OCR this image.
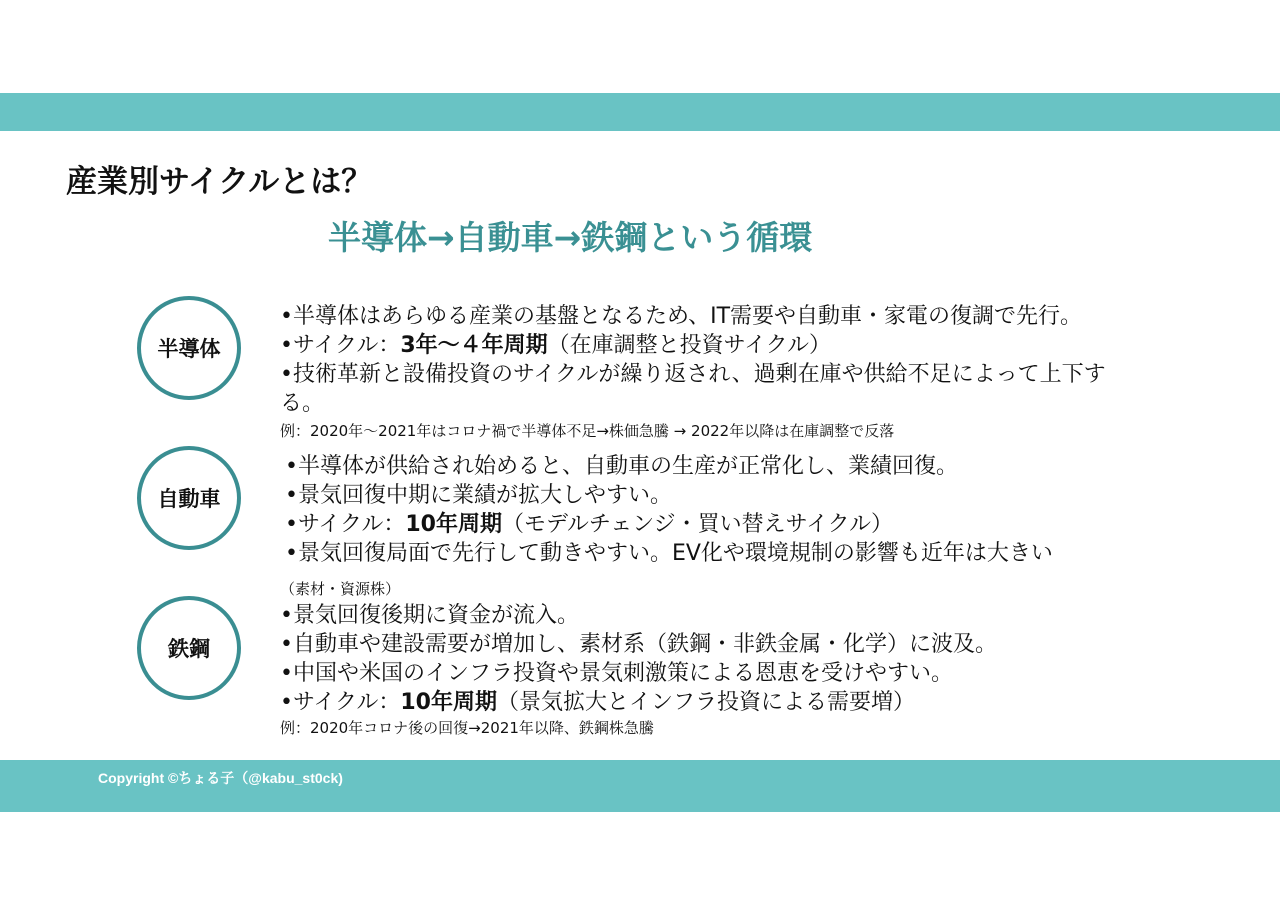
産業別サイクルとは？
半導体→自動車→鉄鋼という循環
半導体
•半導体はあらゆる産業の基盤となるため、IT需要や自動車・家電の復調で先行。
•サイクル：3年～４年周期（在庫調整と投資サイクル）
•技術革新と設備投資のサイクルが繰り返され、過剰在庫や供給不足によって上下す
る。
例：2020年～2021年はコロナ禍で半導体不足→株価急騰 → 2022年以降は在庫調整で反落
自動車
•半導体が供給され始めると、自動車の生産が正常化し、業績回復。
•景気回復中期に業績が拡大しやすい。
•サイクル：10年周期（モデルチェンジ・買い替えサイクル）
•景気回復局面で先行して動きやすい。EV化や環境規制の影響も近年は大きい
鉄鋼
（素材・資源株）
•景気回復後期に資金が流入。
•自動車や建設需要が増加し、素材系（鉄鋼・非鉄金属・化学）に波及。
•中国や米国のインフラ投資や景気刺激策による恩恵を受けやすい。
•サイクル：10年周期（景気拡大とインフラ投資による需要増）
例：2020年コロナ後の回復→2021年以降、鉄鋼株急騰
Copyright ©ちょる子（@kabu_st0ck)
